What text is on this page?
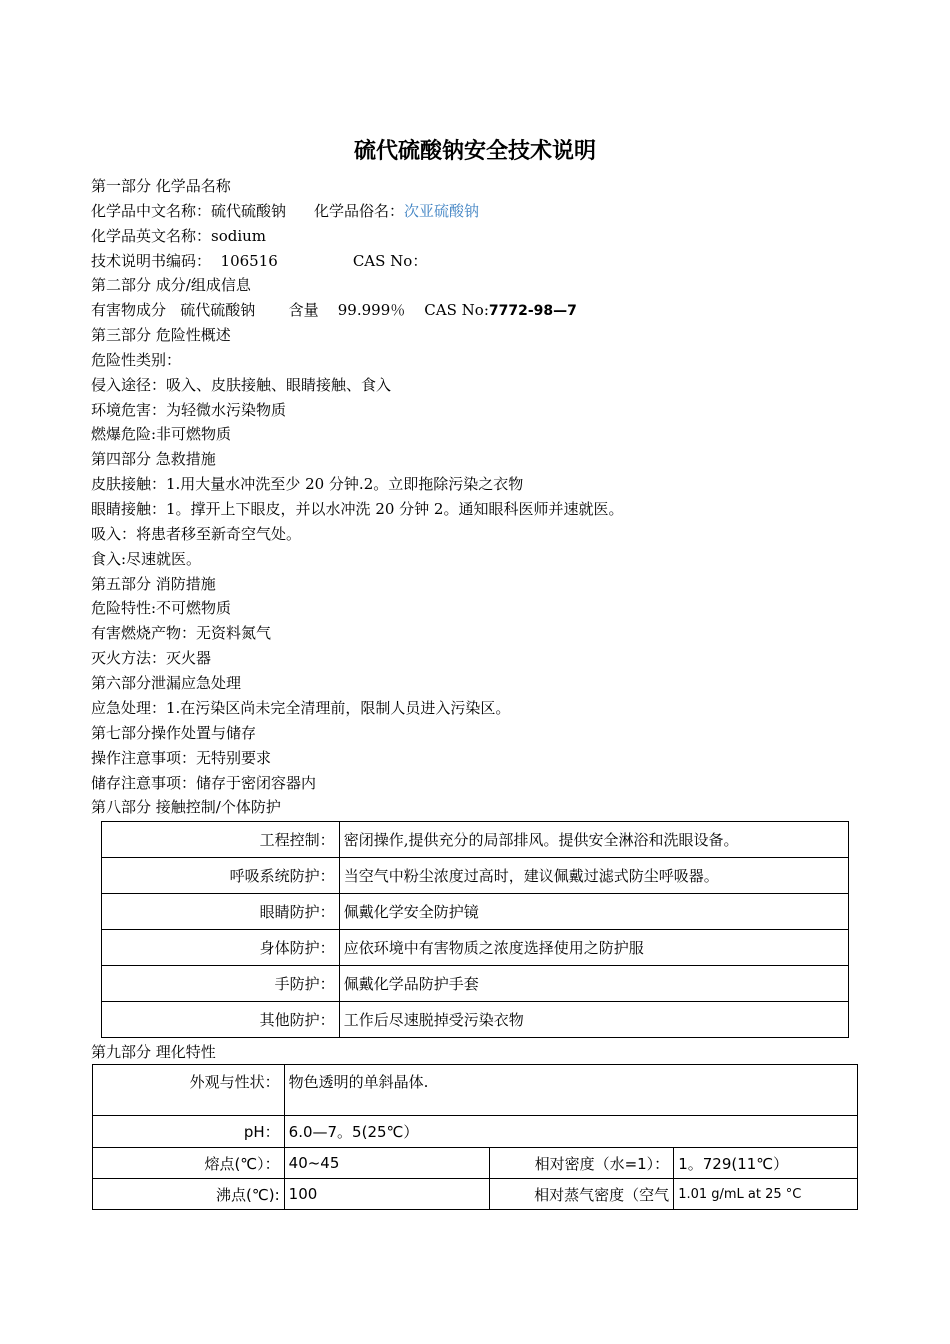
硫代硫酸钠安全技术说明
第一部分 化学品名称
化学品中文名称：硫代硫酸钠 化学品俗名：次亚硫酸钠
化学品英文名称：sodium
技术说明书编码：  106516	CAS No：
第二部分 成分/组成信息
有害物成分   硫代硫酸钠       含量    99.999％    CAS No:7772-98—7
第三部分 危险性概述
危险性类别：
侵入途径：吸入、皮肤接触、眼睛接触、食入
环境危害：为轻微水污染物质
燃爆危险:非可燃物质
第四部分 急救措施
皮肤接触：1.用大量水冲洗至少 20 分钟.2。立即拖除污染之衣物
眼睛接触：1。撑开上下眼皮，并以水冲洗 20 分钟 2。通知眼科医师并速就医。
吸入：将患者移至新奇空气处。
食入:尽速就医。
第五部分 消防措施
危险特性:不可燃物质
有害燃烧产物：无资料氮气
灭火方法：灭火器
第六部分泄漏应急处理
应急处理：1.在污染区尚未完全清理前，限制人员进入污染区。
第七部分操作处置与储存
操作注意事项：无特别要求
储存注意事项：储存于密闭容器内
第八部分 接触控制/个体防护
工程控制：	密闭操作,提供充分的局部排风。提供安全淋浴和洗眼设备。
呼吸系统防护：	当空气中粉尘浓度过高时，建议佩戴过滤式防尘呼吸器。
眼睛防护：	佩戴化学安全防护镜
身体防护：	应依环境中有害物质之浓度选择使用之防护服
手防护：	佩戴化学品防护手套
其他防护：	工作后尽速脱掉受污染衣物
第九部分 理化特性
外观与性状：	物色透明的单斜晶体.		
pH：	6.0—7。5(25℃）		
熔点(℃）：	40~45	相对密度（水=1）：	1。729(11℃）
沸点(℃):	100	相对蒸气密度（空气	1.01 g/mL at 25 °C
